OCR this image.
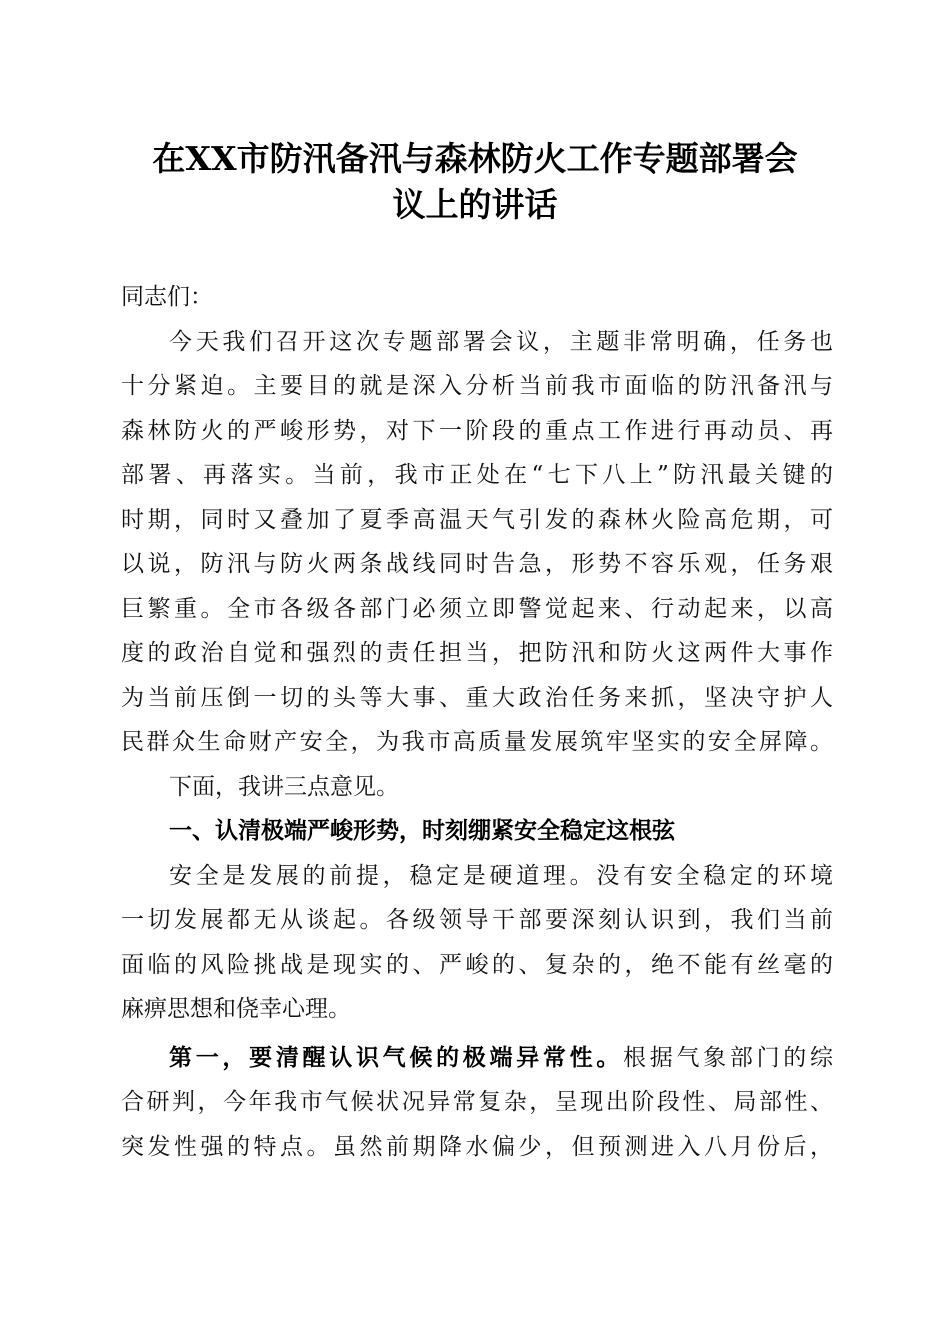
在XX市防汛备汛与森林防火工作专题部署会
议上的讲话
同志们：
今天我们召开这次专题部署会议，主题非常明确，任务也
十分紧迫。主要目的就是深入分析当前我市面临的防汛备汛与
森林防火的严峻形势，对下一阶段的重点工作进行再动员、再
部署、再落实。当前，我市正处在“七下八上”防汛最关键的
时期，同时又叠加了夏季高温天气引发的森林火险高危期，可
以说，防汛与防火两条战线同时告急，形势不容乐观，任务艰
巨繁重。全市各级各部门必须立即警觉起来、行动起来，以高
度的政治自觉和强烈的责任担当，把防汛和防火这两件大事作
为当前压倒一切的头等大事、重大政治任务来抓，坚决守护人
民群众生命财产安全，为我市高质量发展筑牢坚实的安全屏障。
下面，我讲三点意见。
一、认清极端严峻形势，时刻绷紧安全稳定这根弦
安全是发展的前提，稳定是硬道理。没有安全稳定的环境
一切发展都无从谈起。各级领导干部要深刻认识到，我们当前
面临的风险挑战是现实的、严峻的、复杂的，绝不能有丝毫的
麻痹思想和侥幸心理。
第一，要清醒认识气候的极端异常性。根据气象部门的综
合研判，今年我市气候状况异常复杂，呈现出阶段性、局部性、
突发性强的特点。虽然前期降水偏少，但预测进入八月份后，
